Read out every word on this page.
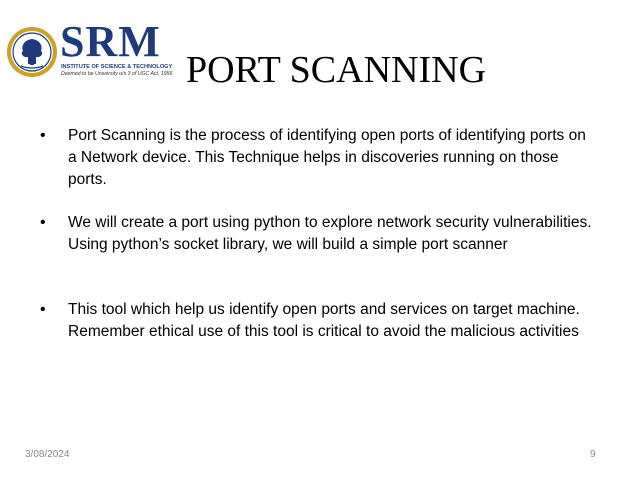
SRM
INSTITUTE OF SCIENCE & TECHNOLOGY
Deemed to be University u/s 3 of UGC Act, 1956 PORT SCANNING
• Port Scanning is the process of identifying open ports of identifying ports on a Network device. This Technique helps in discoveries running on those ports.
• We will create a port using python to explore network security vulnerabilities. Using python’s socket library, we will build a simple port scanner
• This tool which help us identify open ports and services on target machine. Remember ethical use of this tool is critical to avoid the malicious activities
3/08/2024	9
